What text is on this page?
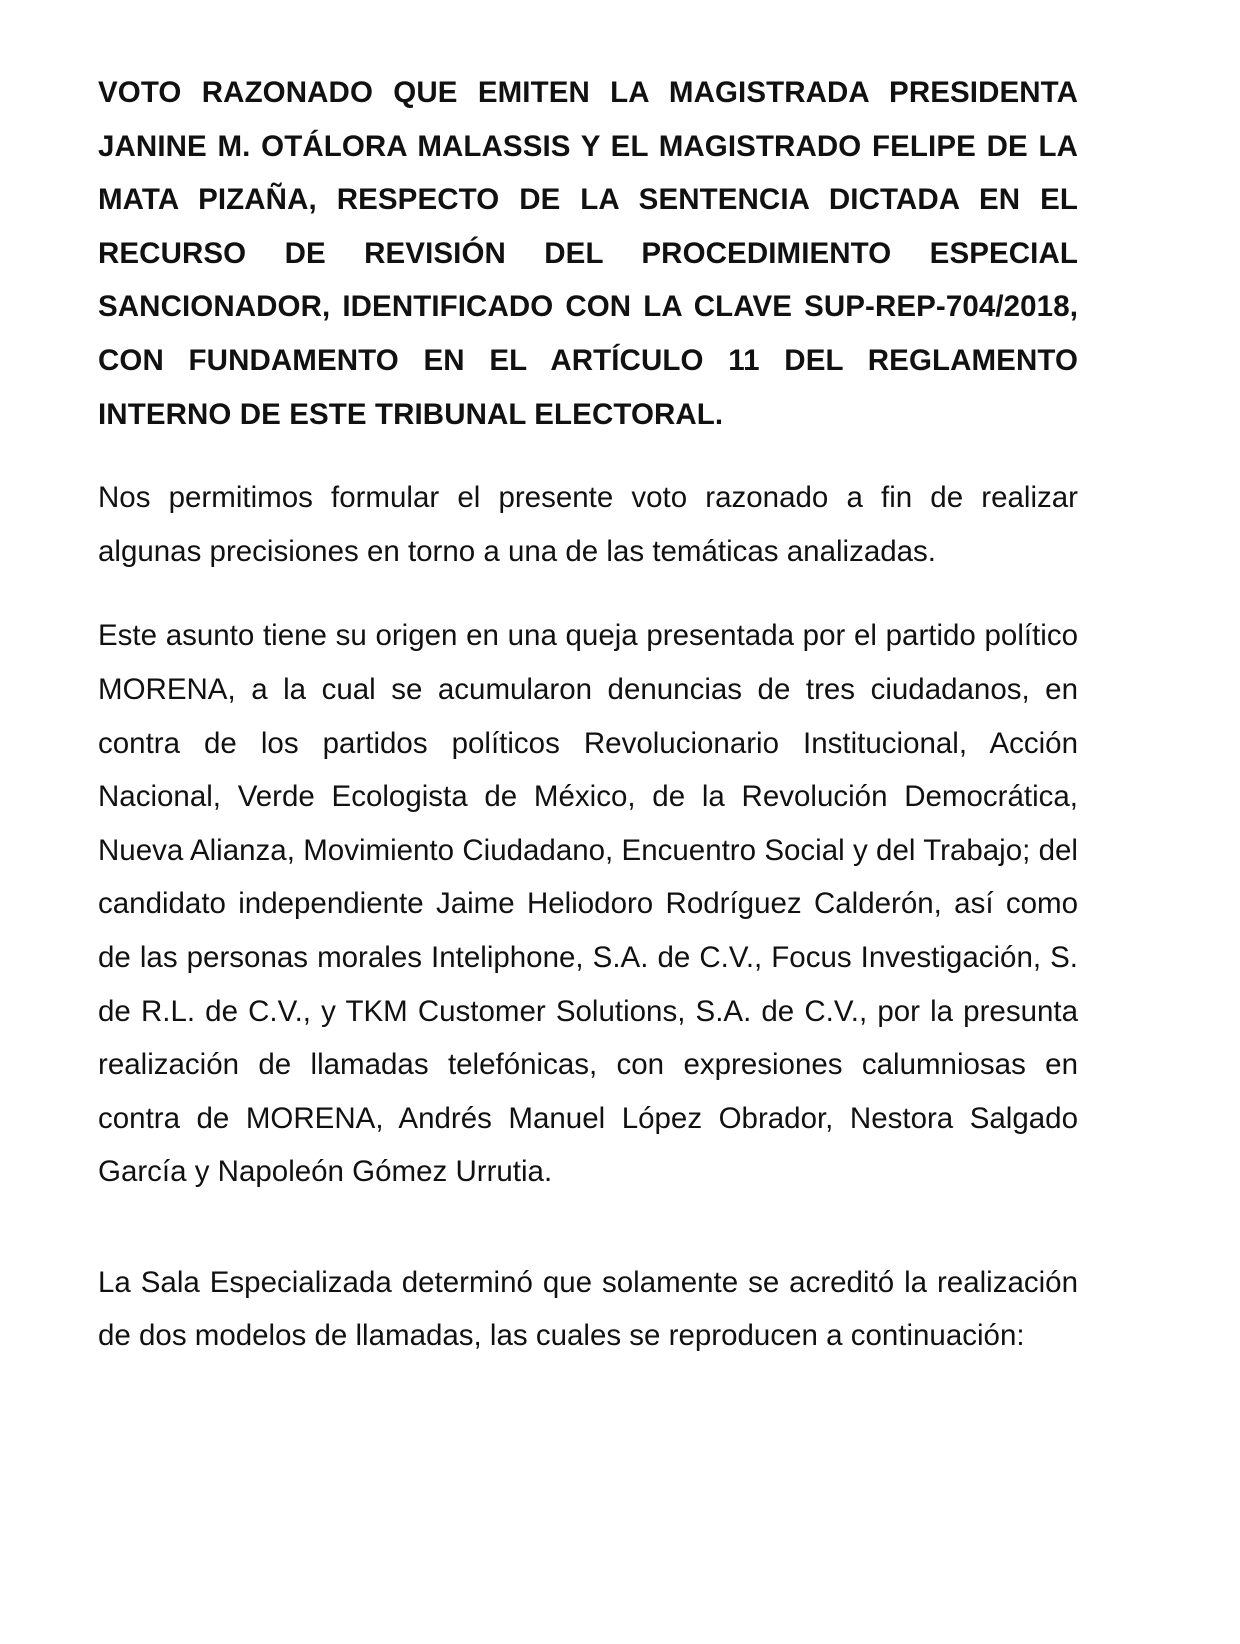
VOTO RAZONADO QUE EMITEN LA MAGISTRADA PRESIDENTA JANINE M. OTÁLORA MALASSIS Y EL MAGISTRADO FELIPE DE LA MATA PIZAÑA, RESPECTO DE LA SENTENCIA DICTADA EN EL RECURSO DE REVISIÓN DEL PROCEDIMIENTO ESPECIAL SANCIONADOR, IDENTIFICADO CON LA CLAVE SUP-REP-704/2018, CON FUNDAMENTO EN EL ARTÍCULO 11 DEL REGLAMENTO INTERNO DE ESTE TRIBUNAL ELECTORAL.

Nos permitimos formular el presente voto razonado a fin de realizar algunas precisiones en torno a una de las temáticas analizadas.

Este asunto tiene su origen en una queja presentada por el partido político MORENA, a la cual se acumularon denuncias de tres ciudadanos, en contra de los partidos políticos Revolucionario Institucional, Acción Nacional, Verde Ecologista de México, de la Revolución Democrática, Nueva Alianza, Movimiento Ciudadano, Encuentro Social y del Trabajo; del candidato independiente Jaime Heliodoro Rodríguez Calderón, así como de las personas morales Inteliphone, S.A. de C.V., Focus Investigación, S. de R.L. de C.V., y TKM Customer Solutions, S.A. de C.V., por la presunta realización de llamadas telefónicas, con expresiones calumniosas en contra de MORENA, Andrés Manuel López Obrador, Nestora Salgado García y Napoleón Gómez Urrutia.

La Sala Especializada determinó que solamente se acreditó la realización de dos modelos de llamadas, las cuales se reproducen a continuación:
